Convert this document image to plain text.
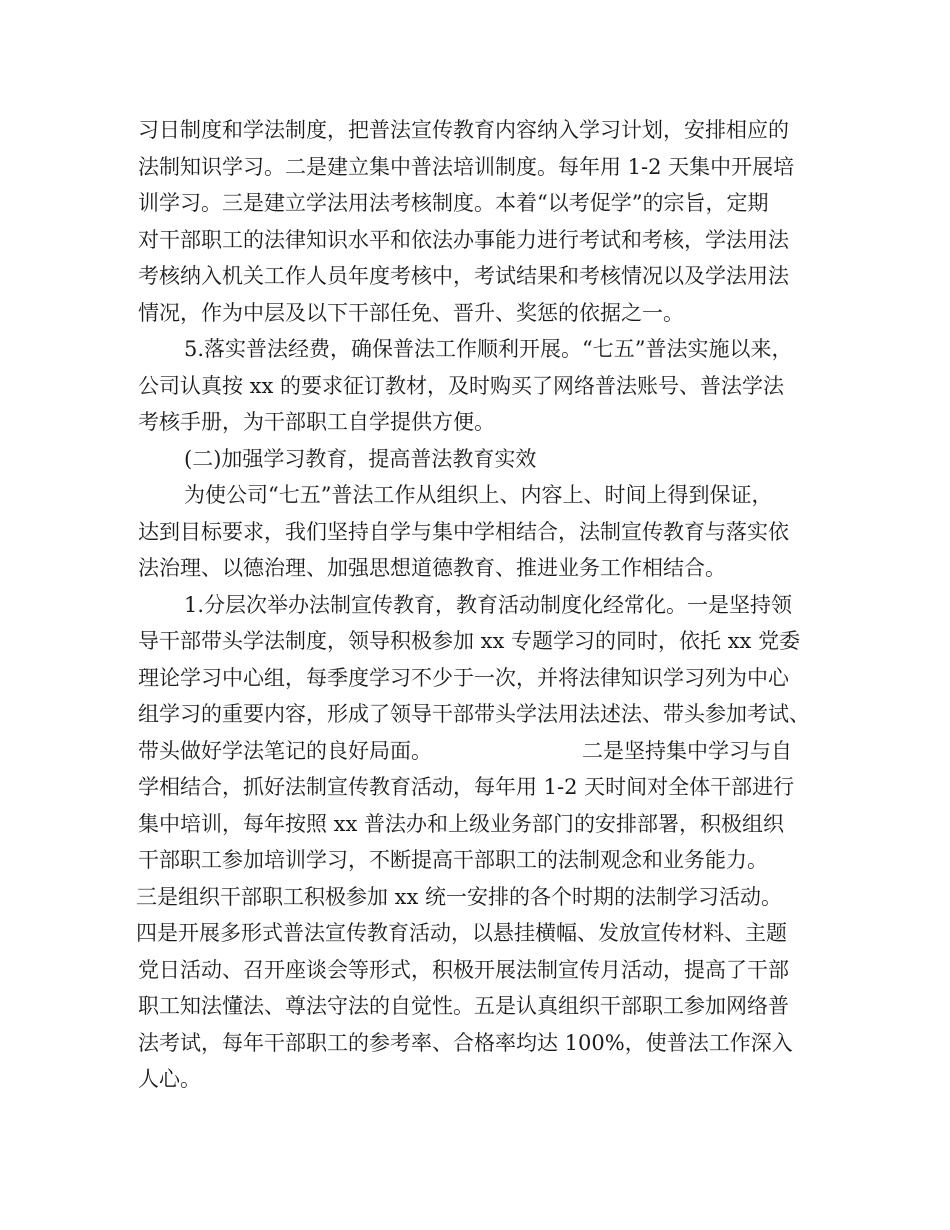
习日制度和学法制度，把普法宣传教育内容纳入学习计划，安排相应的
法制知识学习。二是建立集中普法培训制度。每年用 1-2 天集中开展培
训学习。三是建立学法用法考核制度。本着“以考促学”的宗旨，定期
对干部职工的法律知识水平和依法办事能力进行考试和考核，学法用法
考核纳入机关工作人员年度考核中，考试结果和考核情况以及学法用法
情况，作为中层及以下干部任免、晋升、奖惩的依据之一。
5.落实普法经费，确保普法工作顺利开展。“七五”普法实施以来，
公司认真按 xx 的要求征订教材，及时购买了网络普法账号、普法学法
考核手册，为干部职工自学提供方便。
(二)加强学习教育，提高普法教育实效
为使公司“七五”普法工作从组织上、内容上、时间上得到保证，
达到目标要求，我们坚持自学与集中学相结合，法制宣传教育与落实依
法治理、以德治理、加强思想道德教育、推进业务工作相结合。
1.分层次举办法制宣传教育，教育活动制度化经常化。一是坚持领
导干部带头学法制度，领导积极参加 xx 专题学习的同时，依托 xx 党委
理论学习中心组，每季度学习不少于一次，并将法律知识学习列为中心
组学习的重要内容，形成了领导干部带头学法用法述法、带头参加考试、
带头做好学法笔记的良好局面。	二是坚持集中学习与自
学相结合，抓好法制宣传教育活动，每年用 1-2 天时间对全体干部进行
集中培训，每年按照 xx 普法办和上级业务部门的安排部署，积极组织
干部职工参加培训学习，不断提高干部职工的法制观念和业务能力。
三是组织干部职工积极参加 xx 统一安排的各个时期的法制学习活动。
四是开展多形式普法宣传教育活动，以悬挂横幅、发放宣传材料、主题
党日活动、召开座谈会等形式，积极开展法制宣传月活动，提高了干部
职工知法懂法、尊法守法的自觉性。五是认真组织干部职工参加网络普
法考试，每年干部职工的参考率、合格率均达 100%，使普法工作深入
人心。
